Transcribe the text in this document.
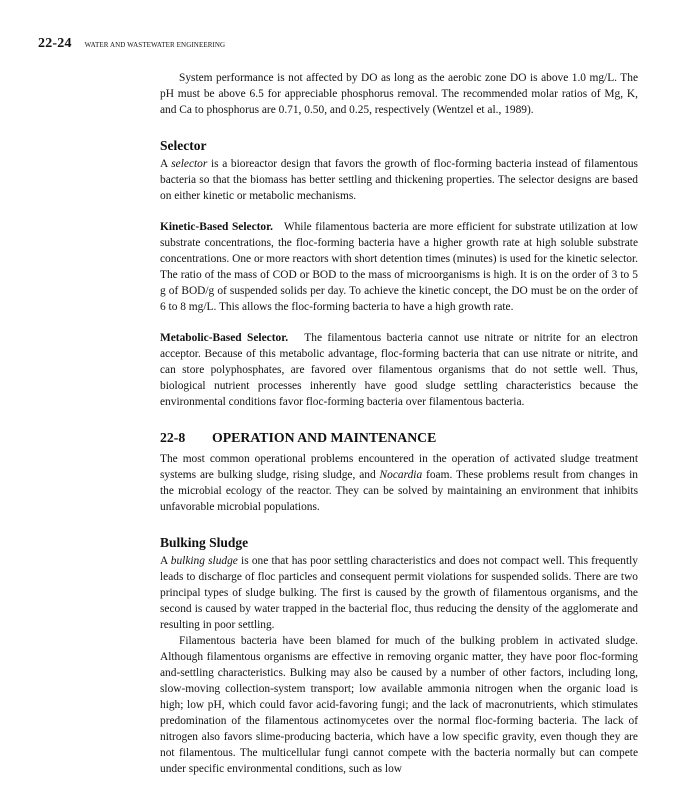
22-24 WATER AND WASTEWATER ENGINEERING

System performance is not affected by DO as long as the aerobic zone DO is above 1.0 mg/L. The pH must be above 6.5 for appreciable phosphorus removal. The recommended molar ratios of Mg, K, and Ca to phosphorus are 0.71, 0.50, and 0.25, respectively (Wentzel et al., 1989).

Selector

A selector is a bioreactor design that favors the growth of floc-forming bacteria instead of filamentous bacteria so that the biomass has better settling and thickening properties. The selector designs are based on either kinetic or metabolic mechanisms.

Kinetic-Based Selector. While filamentous bacteria are more efficient for substrate utilization at low substrate concentrations, the floc-forming bacteria have a higher growth rate at high soluble substrate concentrations. One or more reactors with short detention times (minutes) is used for the kinetic selector. The ratio of the mass of COD or BOD to the mass of microorganisms is high. It is on the order of 3 to 5 g of BOD/g of suspended solids per day. To achieve the kinetic concept, the DO must be on the order of 6 to 8 mg/L. This allows the floc-forming bacteria to have a high growth rate.

Metabolic-Based Selector. The filamentous bacteria cannot use nitrate or nitrite for an electron acceptor. Because of this metabolic advantage, floc-forming bacteria that can use nitrate or nitrite, and can store polyphosphates, are favored over filamentous organisms that do not settle well. Thus, biological nutrient processes inherently have good sludge settling characteristics because the environmental conditions favor floc-forming bacteria over filamentous bacteria.

22-8	OPERATION AND MAINTENANCE

The most common operational problems encountered in the operation of activated sludge treatment systems are bulking sludge, rising sludge, and Nocardia foam. These problems result from changes in the microbial ecology of the reactor. They can be solved by maintaining an environment that inhibits unfavorable microbial populations.

Bulking Sludge

A bulking sludge is one that has poor settling characteristics and does not compact well. This frequently leads to discharge of floc particles and consequent permit violations for suspended solids. There are two principal types of sludge bulking. The first is caused by the growth of filamentous organisms, and the second is caused by water trapped in the bacterial floc, thus reducing the density of the agglomerate and resulting in poor settling.

Filamentous bacteria have been blamed for much of the bulking problem in activated sludge. Although filamentous organisms are effective in removing organic matter, they have poor floc-forming and-settling characteristics. Bulking may also be caused by a number of other factors, including long, slow-moving collection-system transport; low available ammonia nitrogen when the organic load is high; low pH, which could favor acid-favoring fungi; and the lack of macronutrients, which stimulates predomination of the filamentous actinomycetes over the normal floc-forming bacteria. The lack of nitrogen also favors slime-producing bacteria, which have a low specific gravity, even though they are not filamentous. The multicellular fungi cannot compete with the bacteria normally but can compete under specific environmental conditions, such as low
